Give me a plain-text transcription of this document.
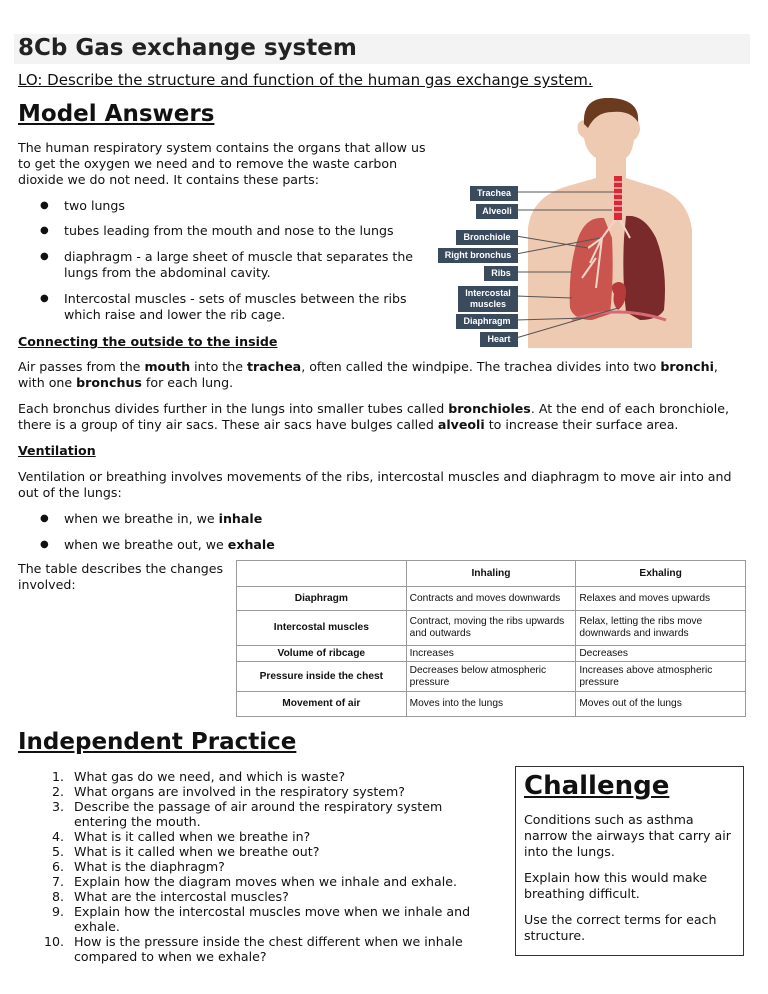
8Cb Gas exchange system
LO: Describe the structure and function of the human gas exchange system.
Model Answers

The human respiratory system contains the organs that allow us to get the oxygen we need and to remove the waste carbon dioxide we do not need. It contains these parts:

●	two lungs
●	tubes leading from the mouth and nose to the lungs
●	diaphragm - a large sheet of muscle that separates the lungs from the abdominal cavity.
●	Intercostal muscles - sets of muscles between the ribs which raise and lower the rib cage.
Trachea
Alveoli
Bronchiole
Right bronchus
Ribs
Intercostal muscles
Diaphragm
Heart
Connecting the outside to the inside

Air passes from the mouth into the trachea, often called the windpipe. The trachea divides into two bronchi, with one bronchus for each lung.

Each bronchus divides further in the lungs into smaller tubes called bronchioles. At the end of each bronchiole, there is a group of tiny air sacs. These air sacs have bulges called alveoli to increase their surface area.

Ventilation

Ventilation or breathing involves movements of the ribs, intercostal muscles and diaphragm to move air into and out of the lungs:

●	when we breathe in, we inhale
●	when we breathe out, we exhale

The table describes the changes involved:

	Inhaling	Exhaling
Diaphragm	Contracts and moves downwards	Relaxes and moves upwards
Intercostal muscles	Contract, moving the ribs upwards and outwards	Relax, letting the ribs move downwards and inwards
Volume of ribcage	Increases	Decreases
Pressure inside the chest	Decreases below atmospheric pressure	Increases above atmospheric pressure
Movement of air	Moves into the lungs	Moves out of the lungs
Independent Practice
1. What gas do we need, and which is waste?
2. What organs are involved in the respiratory system?
3. Describe the passage of air around the respiratory system entering the mouth.
4. What is it called when we breathe in?
5. What is it called when we breathe out?
6. What is the diaphragm?
7. Explain how the diagram moves when we inhale and exhale.
8. What are the intercostal muscles?
9. Explain how the intercostal muscles move when we inhale and exhale.
10. How is the pressure inside the chest different when we inhale compared to when we exhale?
Challenge

Conditions such as asthma narrow the airways that carry air into the lungs.

Explain how this would make breathing difficult.

Use the correct terms for each structure.
